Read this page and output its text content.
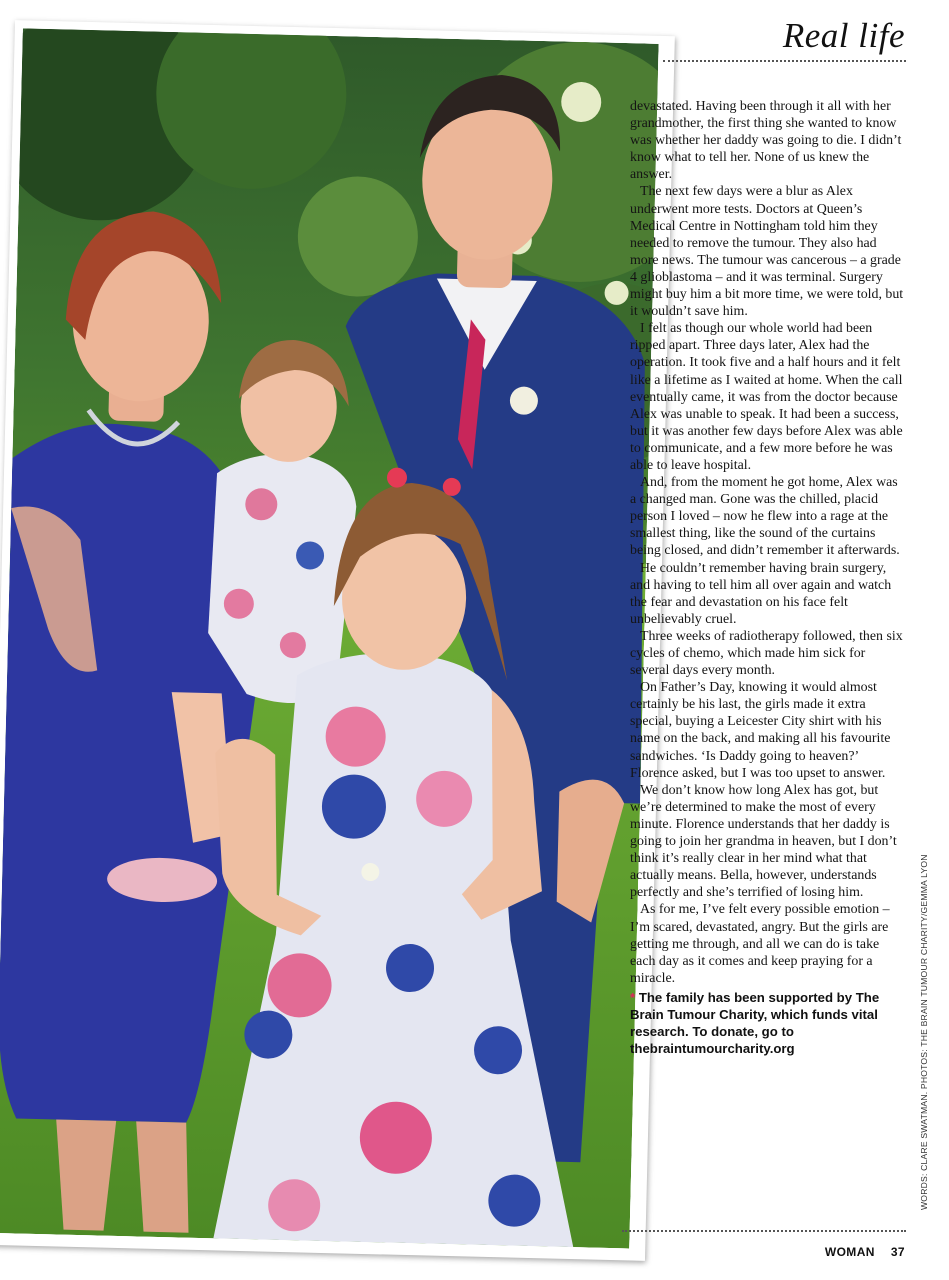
Real life

devastated. Having been through it all with her grandmother, the first thing she wanted to know was whether her daddy was going to die. I didn’t know what to tell her. None of us knew the answer.

The next few days were a blur as Alex underwent more tests. Doctors at Queen’s Medical Centre in Nottingham told him they needed to remove the tumour. They also had more news. The tumour was cancerous – a grade 4 glioblastoma – and it was terminal. Surgery might buy him a bit more time, we were told, but it wouldn’t save him.

I felt as though our whole world had been ripped apart. Three days later, Alex had the operation. It took five and a half hours and it felt like a lifetime as I waited at home. When the call eventually came, it was from the doctor because Alex was unable to speak. It had been a success, but it was another few days before Alex was able to communicate, and a few more before he was able to leave hospital.

And, from the moment he got home, Alex was a changed man. Gone was the chilled, placid person I loved – now he flew into a rage at the smallest thing, like the sound of the curtains being closed, and didn’t remember it afterwards.

He couldn’t remember having brain surgery, and having to tell him all over again and watch the fear and devastation on his face felt unbelievably cruel.

Three weeks of radiotherapy followed, then six cycles of chemo, which made him sick for several days every month.

On Father’s Day, knowing it would almost certainly be his last, the girls made it extra special, buying a Leicester City shirt with his name on the back, and making all his favourite sandwiches. ‘Is Daddy going to heaven?’ Florence asked, but I was too upset to answer.

We don’t know how long Alex has got, but we’re determined to make the most of every minute. Florence understands that her daddy is going to join her grandma in heaven, but I don’t think it’s really clear in her mind what that actually means. Bella, however, understands perfectly and she’s terrified of losing him.

As for me, I’ve felt every possible emotion – I’m scared, devastated, angry. But the girls are getting me through, and all we can do is take each day as it comes and keep praying for a miracle.

* The family has been supported by The Brain Tumour Charity, which funds vital research. To donate, go to thebraintumourcharity.org	WORDS: CLARE SWATMAN. PHOTOS: THE BRAIN TUMOUR CHARITY/GEMMA LYON
WOMAN 37
